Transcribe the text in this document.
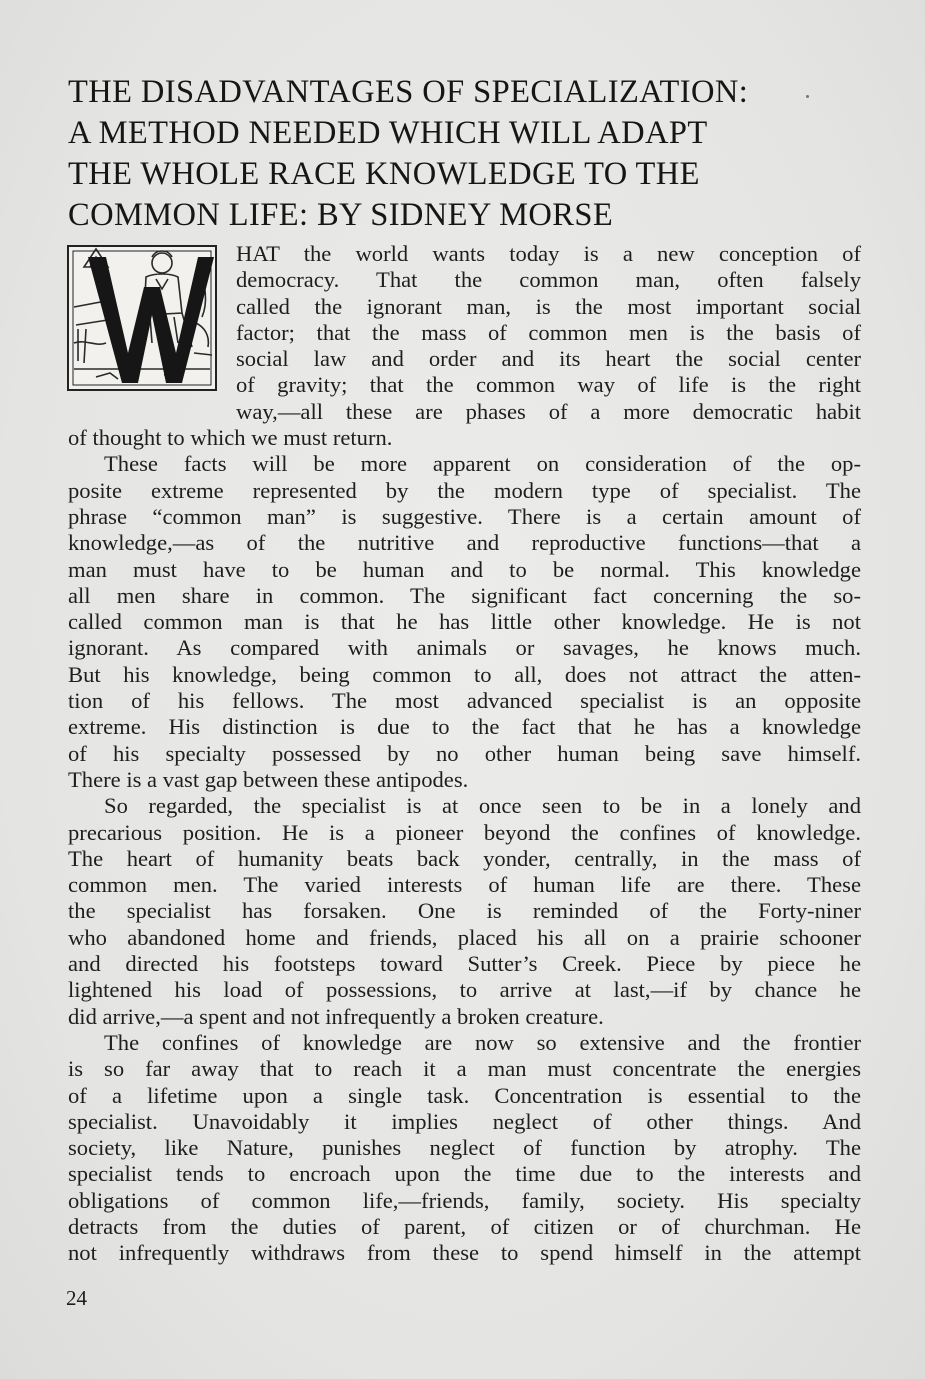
THE DISADVANTAGES OF SPECIALIZATION:
A METHOD NEEDED WHICH WILL ADAPT
THE WHOLE RACE KNOWLEDGE TO THE
COMMON LIFE: BY SIDNEY MORSE
HAT the world wants today is a new conception of
democracy. That the common man, often falsely
called the ignorant man, is the most important social
factor; that the mass of common men is the basis of
social law and order and its heart the social center
of gravity; that the common way of life is the right
way,—all these are phases of a more democratic habit
of thought to which we must return.
These facts will be more apparent on consideration of the op-
posite extreme represented by the modern type of specialist. The
phrase “common man” is suggestive. There is a certain amount of
knowledge,—as of the nutritive and reproductive functions—that a
man must have to be human and to be normal. This knowledge
all men share in common. The significant fact concerning the so-
called common man is that he has little other knowledge. He is not
ignorant. As compared with animals or savages, he knows much.
But his knowledge, being common to all, does not attract the atten-
tion of his fellows. The most advanced specialist is an opposite
extreme. His distinction is due to the fact that he has a knowledge
of his specialty possessed by no other human being save himself.
There is a vast gap between these antipodes.
So regarded, the specialist is at once seen to be in a lonely and
precarious position. He is a pioneer beyond the confines of knowledge.
The heart of humanity beats back yonder, centrally, in the mass of
common men. The varied interests of human life are there. These
the specialist has forsaken. One is reminded of the Forty-niner
who abandoned home and friends, placed his all on a prairie schooner
and directed his footsteps toward Sutter’s Creek. Piece by piece he
lightened his load of possessions, to arrive at last,—if by chance he
did arrive,—a spent and not infrequently a broken creature.
The confines of knowledge are now so extensive and the frontier
is so far away that to reach it a man must concentrate the energies
of a lifetime upon a single task. Concentration is essential to the
specialist. Unavoidably it implies neglect of other things. And
society, like Nature, punishes neglect of function by atrophy. The
specialist tends to encroach upon the time due to the interests and
obligations of common life,—friends, family, society. His specialty
detracts from the duties of parent, of citizen or of churchman. He
not infrequently withdraws from these to spend himself in the attempt
24
